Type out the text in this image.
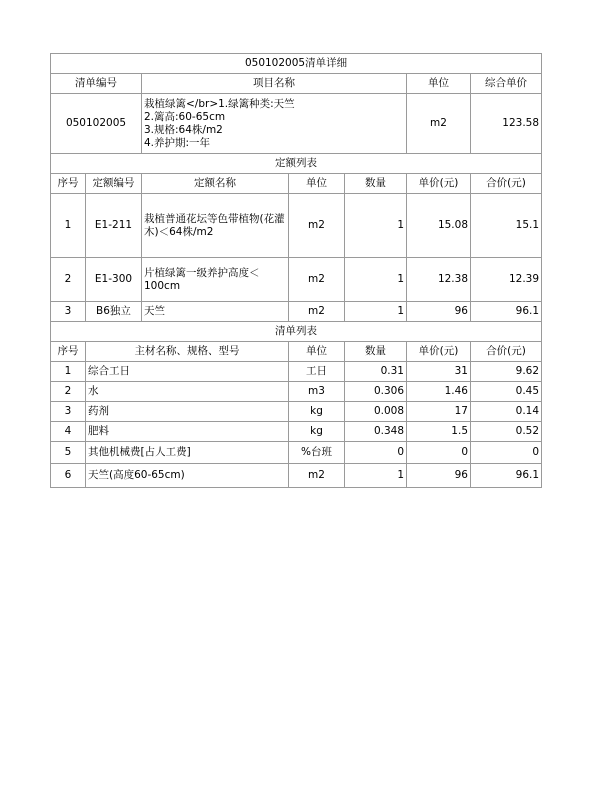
050102005清单详细						
清单编号		项目名称			单位	综合单价
050102005		栽植绿篱</br>1.绿篱种类:天竺
2.篱高:60-65cm
3.规格:64株/m2
4.养护期:一年			m2	123.58
定额列表						
序号	定额编号	定额名称	单位	数量	单价(元)	合价(元)
1	E1-211	栽植普通花坛等色带植物(花灌木)＜64株/m2	m2	1	15.08	15.1
2	E1-300	片植绿篱一级养护高度＜100cm	m2	1	12.38	12.39
3	B6独立	天竺	m2	1	96	96.1
清单列表						
序号	主材名称、规格、型号		单位	数量	单价(元)	合价(元)
1	综合工日		工日	0.31	31	9.62
2	水		m3	0.306	1.46	0.45
3	药剂		kg	0.008	17	0.14
4	肥料		kg	0.348	1.5	0.52
5	其他机械费[占人工费]		%台班	0	0	0
6	天竺(高度60-65cm)		m2	1	96	96.1
